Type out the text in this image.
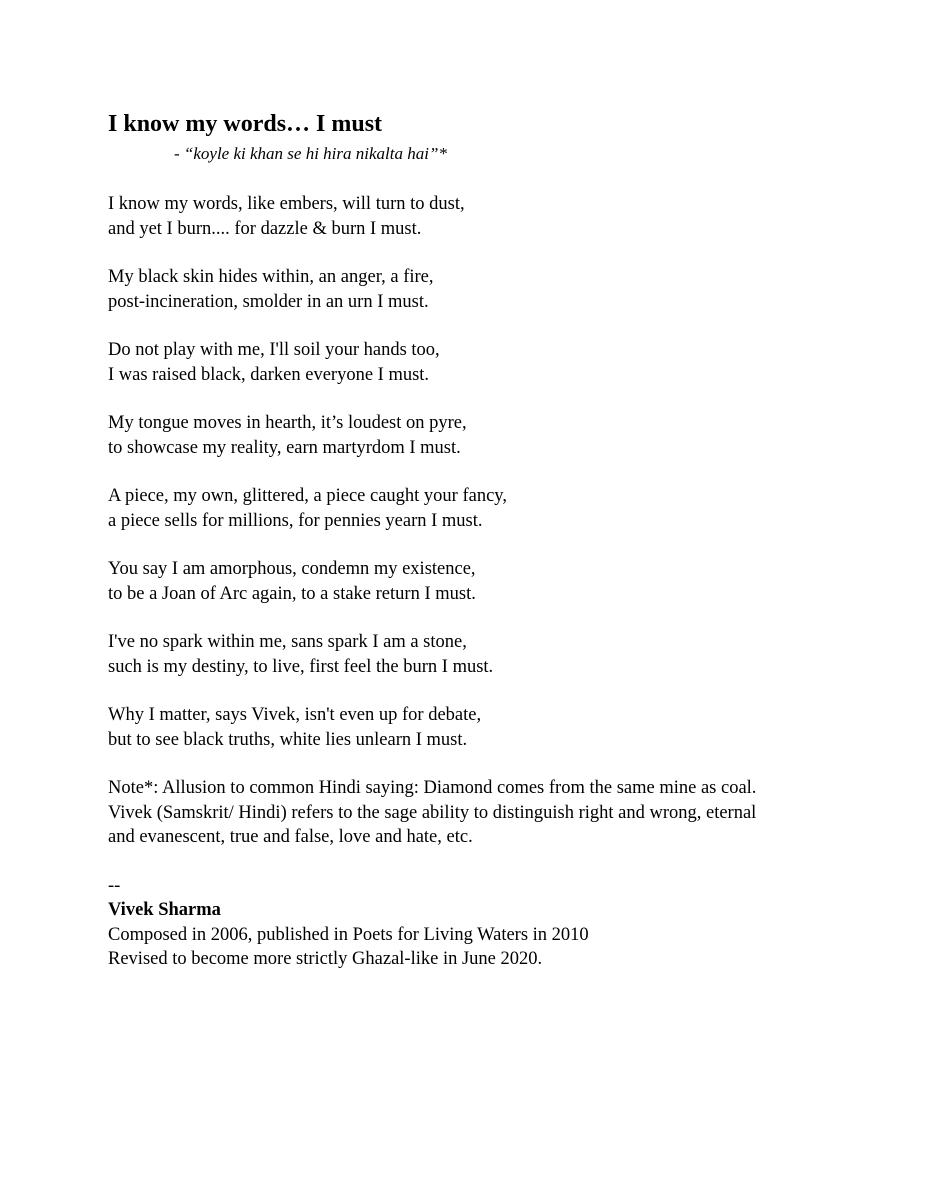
I know my words… I must
- “koyle ki khan se hi hira nikalta hai”*
I know my words, like embers, will turn to dust,
and yet I burn.... for dazzle & burn I must.
My black skin hides within, an anger, a fire,
post-incineration, smolder in an urn I must.
Do not play with me, I'll soil your hands too,
I was raised black, darken everyone I must.
My tongue moves in hearth, it’s loudest on pyre,
to showcase my reality, earn martyrdom I must.
A piece, my own, glittered, a piece caught your fancy,
a piece sells for millions, for pennies yearn I must.
You say I am amorphous, condemn my existence,
to be a Joan of Arc again, to a stake return I must.
I've no spark within me, sans spark I am a stone,
such is my destiny, to live, first feel the burn I must.
Why I matter, says Vivek, isn't even up for debate,
but to see black truths, white lies unlearn I must.
Note*: Allusion to common Hindi saying: Diamond comes from the same mine as coal.
Vivek (Samskrit/ Hindi) refers to the sage ability to distinguish right and wrong, eternal
and evanescent, true and false, love and hate, etc.
--
Vivek Sharma
Composed in 2006, published in Poets for Living Waters in 2010
Revised to become more strictly Ghazal-like in June 2020.
